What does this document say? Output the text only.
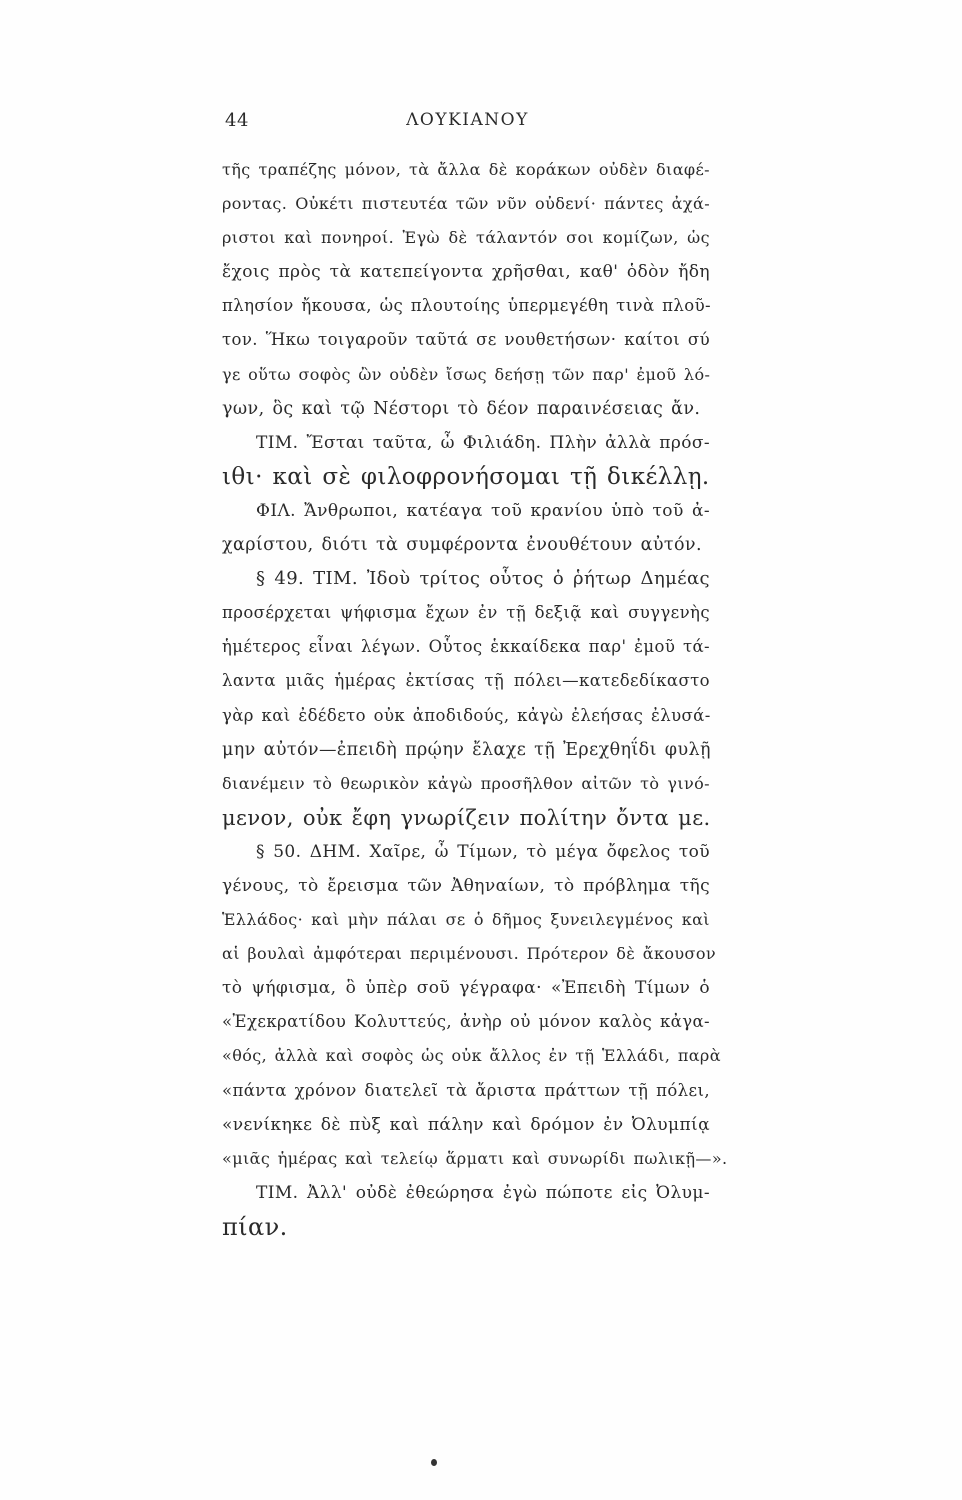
44	ΛΟΥΚΙΑΝΟΥ
τῆς τραπέζης μόνον, τὰ ἄλλα δὲ κοράκων οὐδὲν διαφέ-
ροντας. Οὐκέτι πιστευτέα τῶν νῦν οὐδενί· πάντες ἀχά-
ριστοι καὶ πονηροί. Ἐγὼ δὲ τάλαντόν σοι κομίζων, ὡς
ἔχοις πρὸς τὰ κατεπείγοντα χρῆσθαι, καθ' ὁδὸν ἤδη
πλησίον ἤκουσα, ὡς πλουτοίης ὑπερμεγέθη τινὰ πλοῦ-
τον. Ἥκω τοιγαροῦν ταῦτά σε νουθετήσων· καίτοι σύ
γε οὕτω σοφὸς ὢν οὐδὲν ἴσως δεήσῃ τῶν παρ' ἐμοῦ λό-
γων, ὃς καὶ τῷ Νέστορι τὸ δέον παραινέσειας ἄν.
ΤΙΜ. Ἔσται ταῦτα, ὦ Φιλιάδη. Πλὴν ἀλλὰ πρόσ-
ιθι· καὶ σὲ φιλοφρονήσομαι τῇ δικέλλῃ.
ΦΙΛ. Ἄνθρωποι, κατέαγα τοῦ κρανίου ὑπὸ τοῦ ἀ-
χαρίστου, διότι τὰ συμφέροντα ἐνουθέτουν αὐτόν.
§ 49. ΤΙΜ. Ἰδοὺ τρίτος οὗτος ὁ ῥήτωρ Δημέας
προσέρχεται ψήφισμα ἔχων ἐν τῇ δεξιᾷ καὶ συγγενὴς
ἡμέτερος εἶναι λέγων. Οὗτος ἑκκαίδεκα παρ' ἐμοῦ τά-
λαντα μιᾶς ἡμέρας ἐκτίσας τῇ πόλει—κατεδεδίκαστο
γὰρ καὶ ἐδέδετο οὐκ ἀποδιδούς, κἀγὼ ἐλεήσας ἐλυσά-
μην αὐτόν—ἐπειδὴ πρῴην ἔλαχε τῇ Ἐρεχθηΐδι φυλῇ
διανέμειν τὸ θεωρικὸν κἀγὼ προσῆλθον αἰτῶν τὸ γινό-
μενον, οὐκ ἔφη γνωρίζειν πολίτην ὄντα με.
§ 50. ΔΗΜ. Χαῖρε, ὦ Τίμων, τὸ μέγα ὄφελος τοῦ
γένους, τὸ ἔρεισμα τῶν Ἀθηναίων, τὸ πρόβλημα τῆς
Ἑλλάδος· καὶ μὴν πάλαι σε ὁ δῆμος ξυνειλεγμένος καὶ
αἱ βουλαὶ ἀμφότεραι περιμένουσι. Πρότερον δὲ ἄκουσον
τὸ ψήφισμα, ὃ ὑπὲρ σοῦ γέγραφα· «Ἐπειδὴ Τίμων ὁ
«Ἐχεκρατίδου Κολυττεύς, ἀνὴρ οὐ μόνον καλὸς κἀγα-
«θός, ἀλλὰ καὶ σοφὸς ὡς οὐκ ἄλλος ἐν τῇ Ἑλλάδι, παρὰ
«πάντα χρόνον διατελεῖ τὰ ἄριστα πράττων τῇ πόλει,
«νενίκηκε δὲ πὺξ καὶ πάλην καὶ δρόμον ἐν Ὀλυμπίᾳ
«μιᾶς ἡμέρας καὶ τελείῳ ἅρματι καὶ συνωρίδι πωλικῇ—».
ΤΙΜ. Ἀλλ' οὐδὲ ἐθεώρησα ἐγὼ πώποτε εἰς Ὀλυμ-
πίαν.
